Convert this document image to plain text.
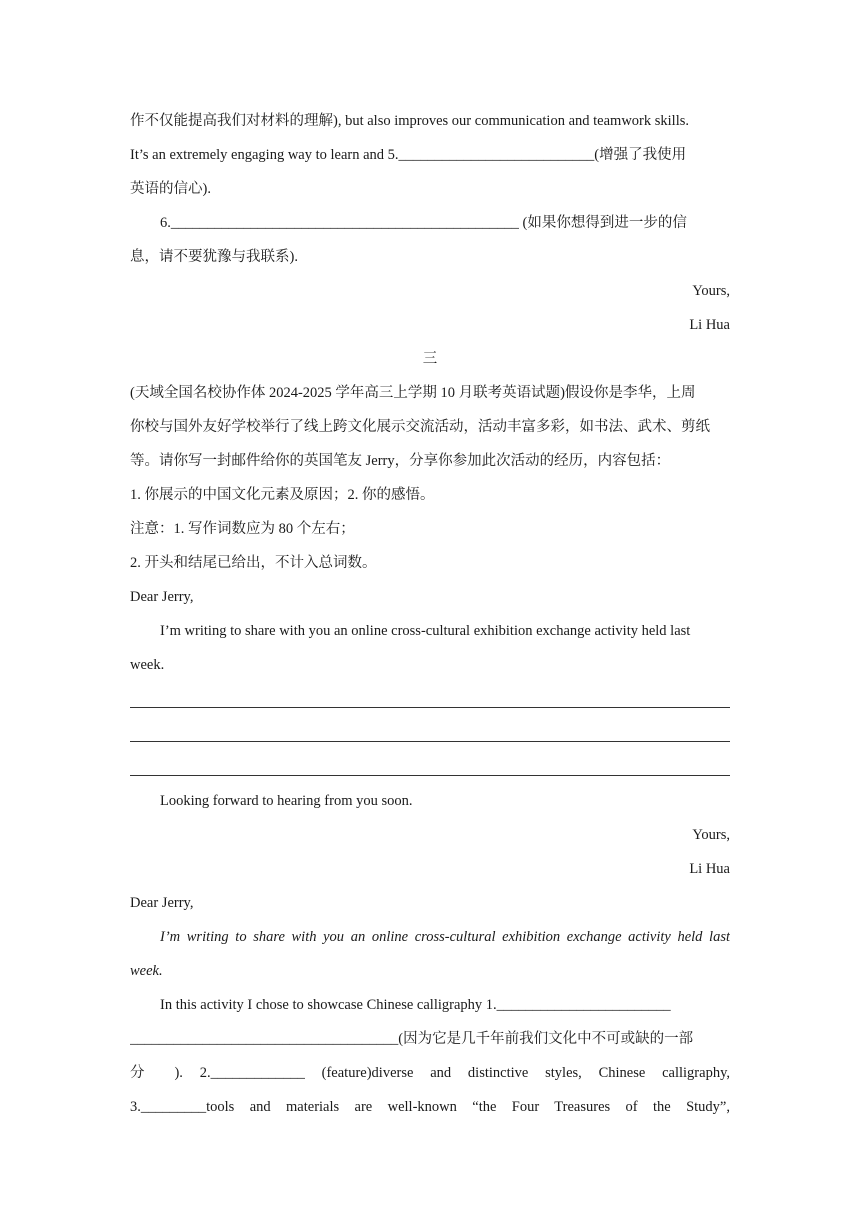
作不仅能提高我们对材料的理解), but also improves our communication and teamwork skills.
It’s an extremely engaging way to learn and 5.___________________________(增强了我使用
英语的信心).
6.________________________________________________ (如果你想得到进一步的信
息，请不要犹豫与我联系).
Yours,
Li Hua
三
(天域全国名校协作体 2024-2025 学年高三上学期 10 月联考英语试题)假设你是李华，上周
你校与国外友好学校举行了线上跨文化展示交流活动，活动丰富多彩，如书法、武术、剪纸
等。请你写一封邮件给你的英国笔友 Jerry，分享你参加此次活动的经历，内容包括：
1. 你展示的中国文化元素及原因；2. 你的感悟。
注意：1. 写作词数应为 80 个左右；
2. 开头和结尾已给出，不计入总词数。
Dear Jerry,
I’m writing to share with you an online cross-cultural exhibition exchange activity held last
week.
Looking forward to hearing from you soon.
Yours,
Li Hua
Dear Jerry,
I’m writing to share with you an online cross-cultural exhibition exchange activity held last
week.
In this activity I chose to showcase Chinese calligraphy 1.________________________
_____________________________________(因为它是几千年前我们文化中不可或缺的一部
分 ). 2._____________ (feature)diverse and distinctive styles, Chinese calligraphy,
3._________tools and materials are well-known “the Four Treasures of the Study”,
